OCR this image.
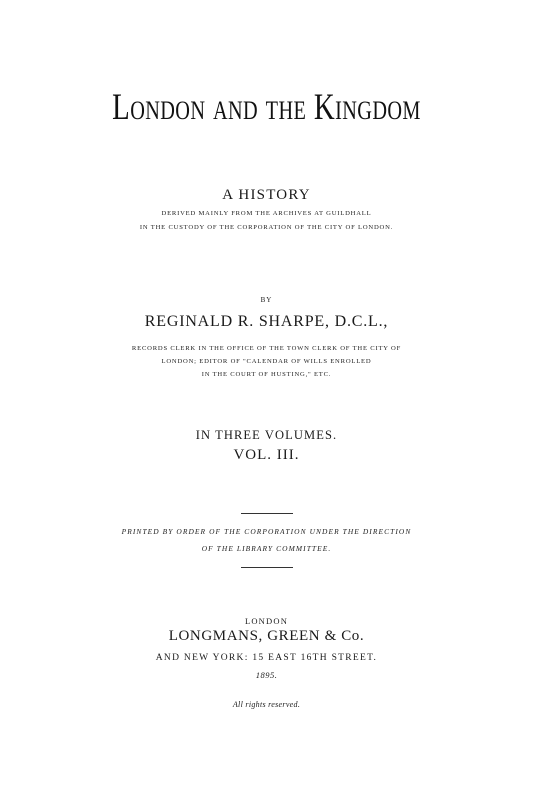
London and the Kingdom
A HISTORY
DERIVED MAINLY FROM THE ARCHIVES AT GUILDHALL
IN THE CUSTODY OF THE CORPORATION OF THE CITY OF LONDON.
BY
REGINALD R. SHARPE, D.C.L.,
RECORDS CLERK IN THE OFFICE OF THE TOWN CLERK OF THE CITY OF
LONDON; EDITOR OF "CALENDAR OF WILLS ENROLLED
IN THE COURT OF HUSTING," ETC.
IN THREE VOLUMES.
VOL. III.
PRINTED BY ORDER OF THE CORPORATION UNDER THE DIRECTION
OF THE LIBRARY COMMITTEE.
LONDON
LONGMANS, GREEN & Co.
AND NEW YORK: 15 EAST 16TH STREET.
1895.
All rights reserved.
